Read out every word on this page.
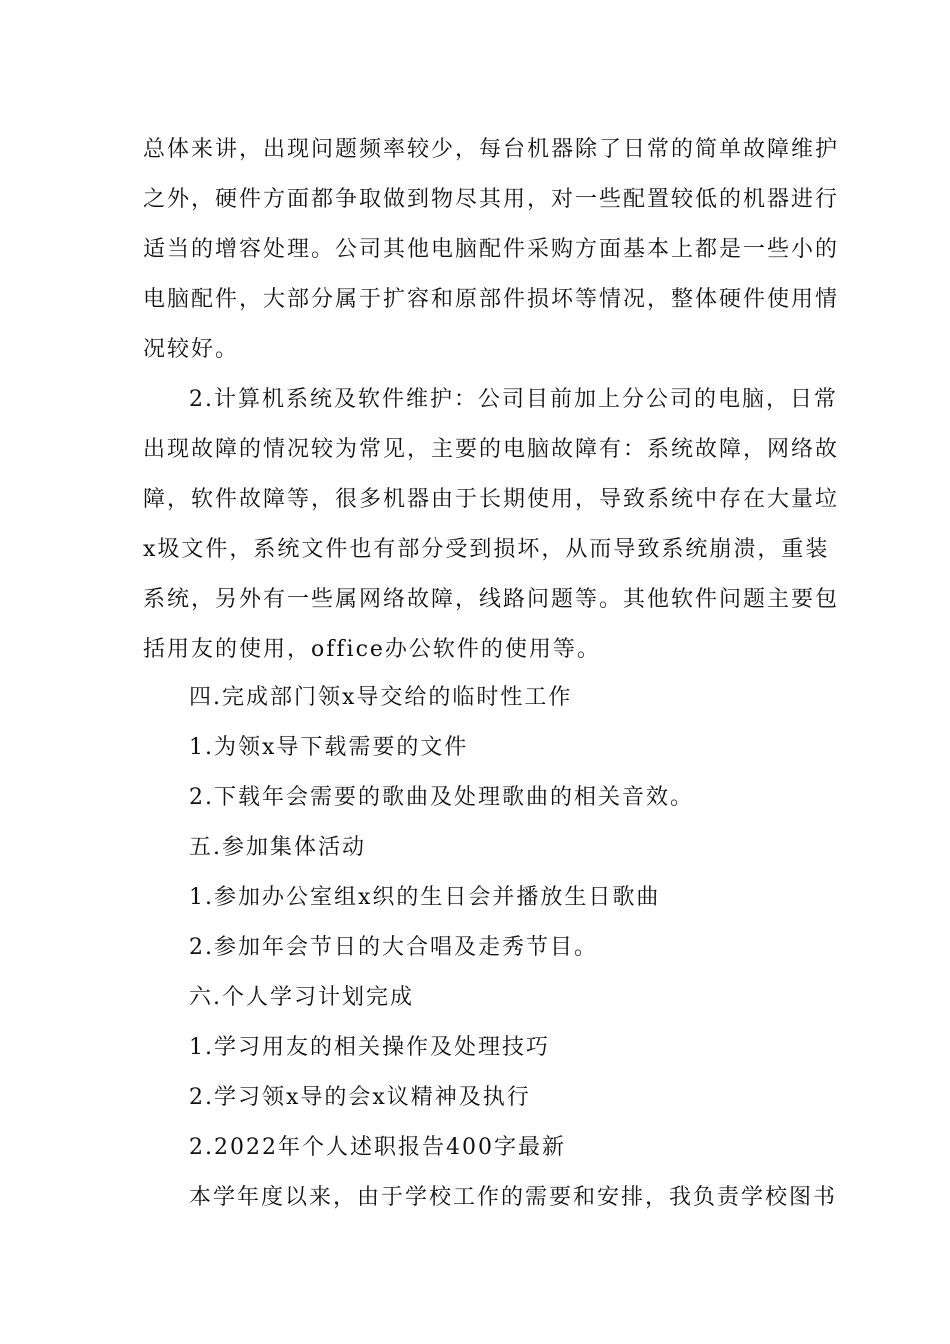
总体来讲，出现问题频率较少，每台机器除了日常的简单故障维护
之外，硬件方面都争取做到物尽其用，对一些配置较低的机器进行
适当的增容处理。公司其他电脑配件采购方面基本上都是一些小的
电脑配件，大部分属于扩容和原部件损坏等情况，整体硬件使用情
况较好。
2.计算机系统及软件维护：公司目前加上分公司的电脑，日常
出现故障的情况较为常见，主要的电脑故障有：系统故障，网络故
障，软件故障等，很多机器由于长期使用，导致系统中存在大量垃
x圾文件，系统文件也有部分受到损坏，从而导致系统崩溃，重装
系统，另外有一些属网络故障，线路问题等。其他软件问题主要包
括用友的使用，office办公软件的使用等。
四.完成部门领x导交给的临时性工作
1.为领x导下载需要的文件
2.下载年会需要的歌曲及处理歌曲的相关音效。
五.参加集体活动
1.参加办公室组x织的生日会并播放生日歌曲
2.参加年会节日的大合唱及走秀节目。
六.个人学习计划完成
1.学习用友的相关操作及处理技巧
2.学习领x导的会x议精神及执行
2.2022年个人述职报告400字最新
本学年度以来，由于学校工作的需要和安排，我负责学校图书
